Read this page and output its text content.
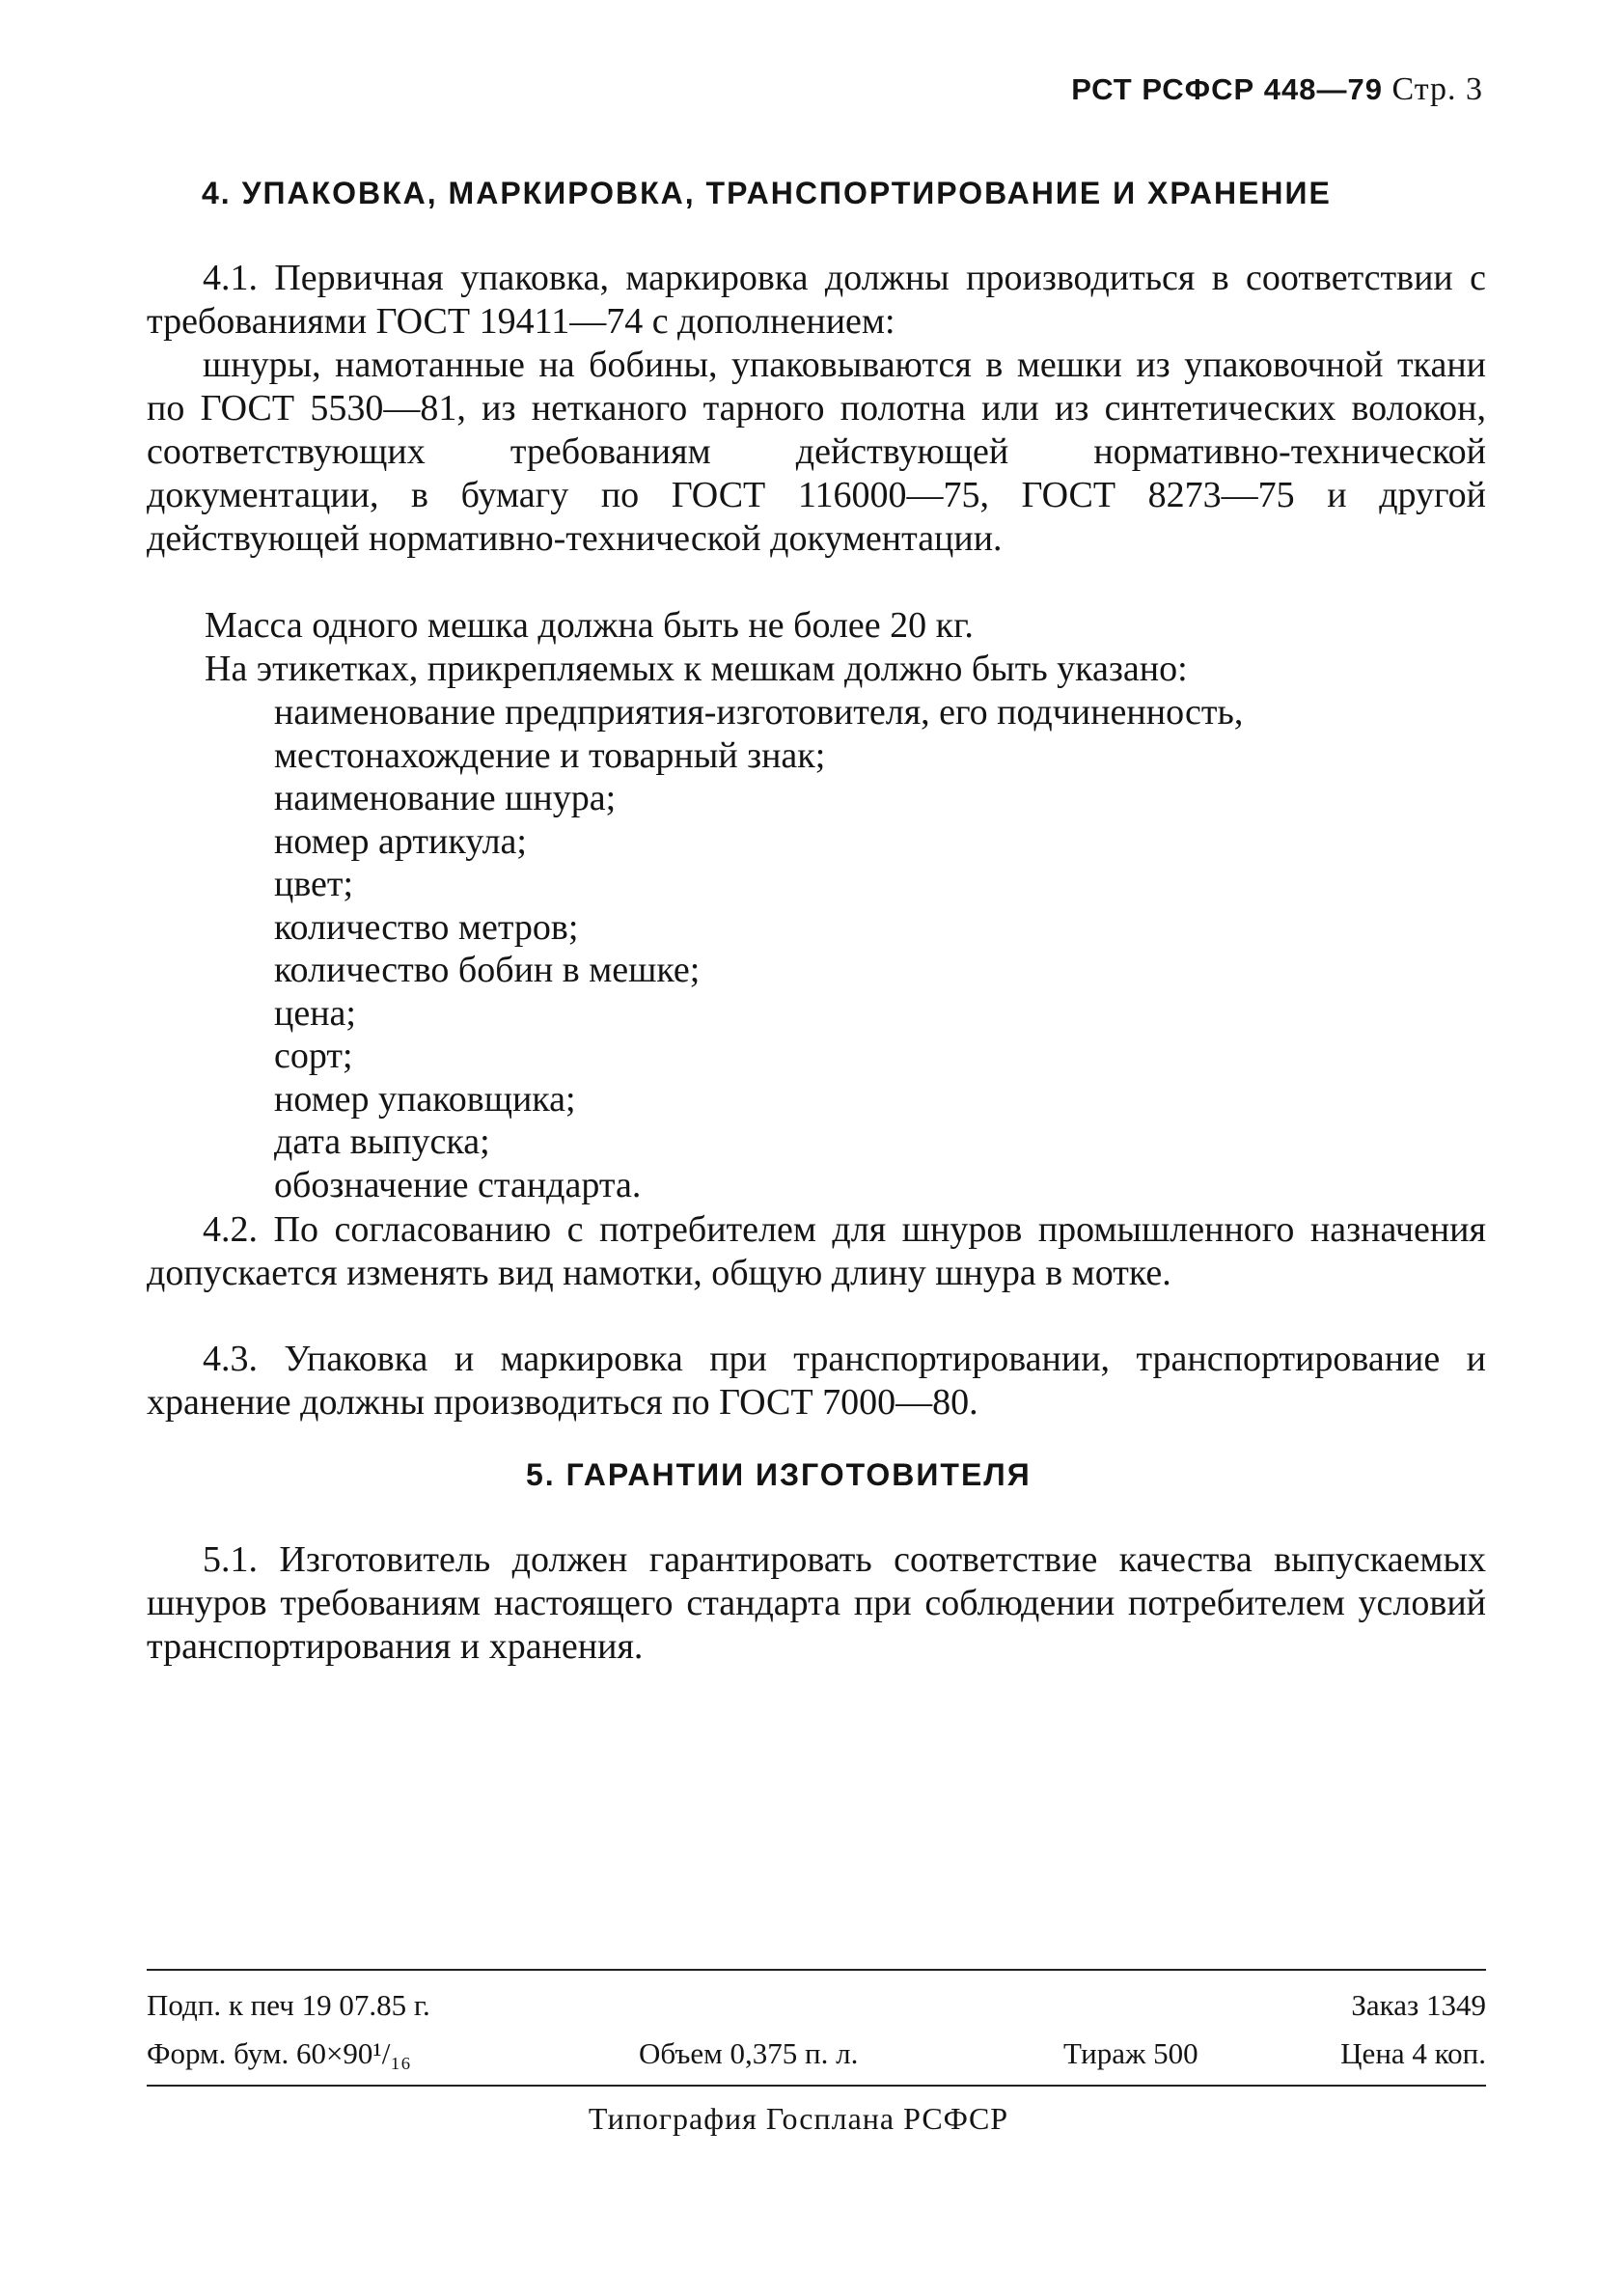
РСТ РСФСР 448—79 Стр. 3
4. УПАКОВКА, МАРКИРОВКА, ТРАНСПОРТИРОВАНИЕ И ХРАНЕНИЕ

4.1. Первичная упаковка, маркировка должны производиться в соответствии с требованиями ГОСТ 19411—74 с дополнением:

шнуры, намотанные на бобины, упаковываются в мешки из упаковочной ткани по ГОСТ 5530—81, из нетканого тарного полотна или из синтетических волокон, соответствующих требованиям действующей нормативно-технической документации, в бумагу по ГОСТ 116000—75, ГОСТ 8273—75 и другой действующей нормативно-технической документации.

Масса одного мешка должна быть не более 20 кг.

На этикетках, прикрепляемых к мешкам должно быть указано:

наименование предприятия-изготовителя, его подчиненность,
местонахождение и товарный знак;
наименование шнура;
номер артикула;
цвет;
количество метров;
количество бобин в мешке;
цена;
сорт;
номер упаковщика;
дата выпуска;
обозначение стандарта.

4.2. По согласованию с потребителем для шнуров промышленного назначения допускается изменять вид намотки, общую длину шнура в мотке.

4.3. Упаковка и маркировка при транспортировании, транспортирование и хранение должны производиться по ГОСТ 7000—80.

5. ГАРАНТИИ ИЗГОТОВИТЕЛЯ

5.1. Изготовитель должен гарантировать соответствие качества выпускаемых шнуров требованиям настоящего стандарта при соблюдении потребителем условий транспортирования и хранения.

Подп. к печ 19 07.85 г.	Заказ 1349
Форм. бум. 60×90¹/₁₆	Объем 0,375 п. л.	Тираж 500	Цена 4 коп.
Типография Госплана РСФСР
